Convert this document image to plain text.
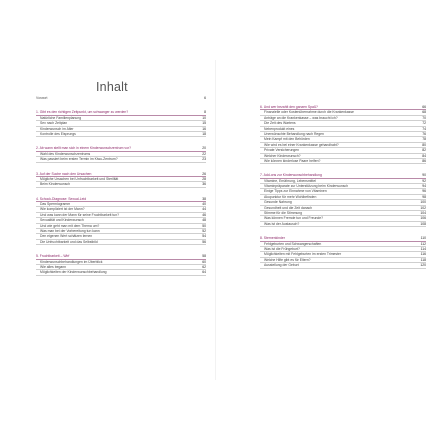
Inhalt
Vorwort	6
1. Gibt es den richtigen Zeitpunkt, um schwanger zu werden?	8
Natürliche Familienplanung	10
Sex nach Zeitplan	15
Kinderwunsch im Alter	16
Kontrolle des Eisprungs	18
2. Ab wann stellt man sich in einem Kinderwunschzentrum vor?	20
Wahl des Kinderwunschzentrums	22
Was passiert beim ersten Termin im Kiwu-Zentrum?	23
3. Auf der Suche nach den Ursachen	26
Mögliche Ursachen bei Unfruchtbarkeit und Sterilität	28
Beim Kinderwunsch	36
4. Schock-Diagnose: Sexual-Leid	38
Das Spermiogramm	40
Wie kompliziert ist der Mann?	44
Und was kann der Mann für seine Fruchtbarkeit tun?	46
Sexualität und Kinderwunsch	48
Und wie geht man mit dem Thema um?	50
Was man bei der Vorbereitung tun kann	52
Den eigenen Wert schätzen lernen	54
Die Unfruchtbarkeit und das Selbstbild	56
5. Fruchtbarkeit – Wirf	58
Kinderwunschbehandlungen im Überblick	60
Wie alles begann	62
Möglichkeiten der Kinderwunschbehandlung	64
6. Und wer bezahlt den ganzen Spaß?	66
Finanzielle oder Kostenübernahme durch die Krankenkasse	68
Anträge an die Krankenkasse – was braucht ich?	70
Die Zeit des Wartens	72
Nebenprodukt eines	74
Unerwünschte Behandlung nach Regen	76
Mein Kampf mit den Behörden	78
Wie wird es bei einer Krankenkasse gehandhabt?	80
Private Versicherungen	82
Welcher Kinderwunsch?	84
Wie können kinderlose Paare helfen?	86
7. Add-ons zur Kinderwunschbehandlung	90
Vitamine, Ernährung, Lebensmittel	92
Vitaminpräparate zur Unterstützung beim Kinderwunsch	94
Einige Tipps zur Einnahme von Vitaminen	96
Akupunktur für mehr Wohlbefinden	98
Gesunde Nahrung	100
Gesundheit und die Zeit danach	102
Stimme für die Stimmung	104
Was können Fremde tun und Freunde?	106
Was ist der Austausch?	108
8. Sternenkinder	110
Fehlgeburten und Schwangerschaften	112
Was ist die Frühgeburt?	114
Möglichkeiten mit Fehlgeburten im ersten Trimester	116
Welche Hilfe gibt es für Eltern?	118
Ausstellung der Geburt	120
